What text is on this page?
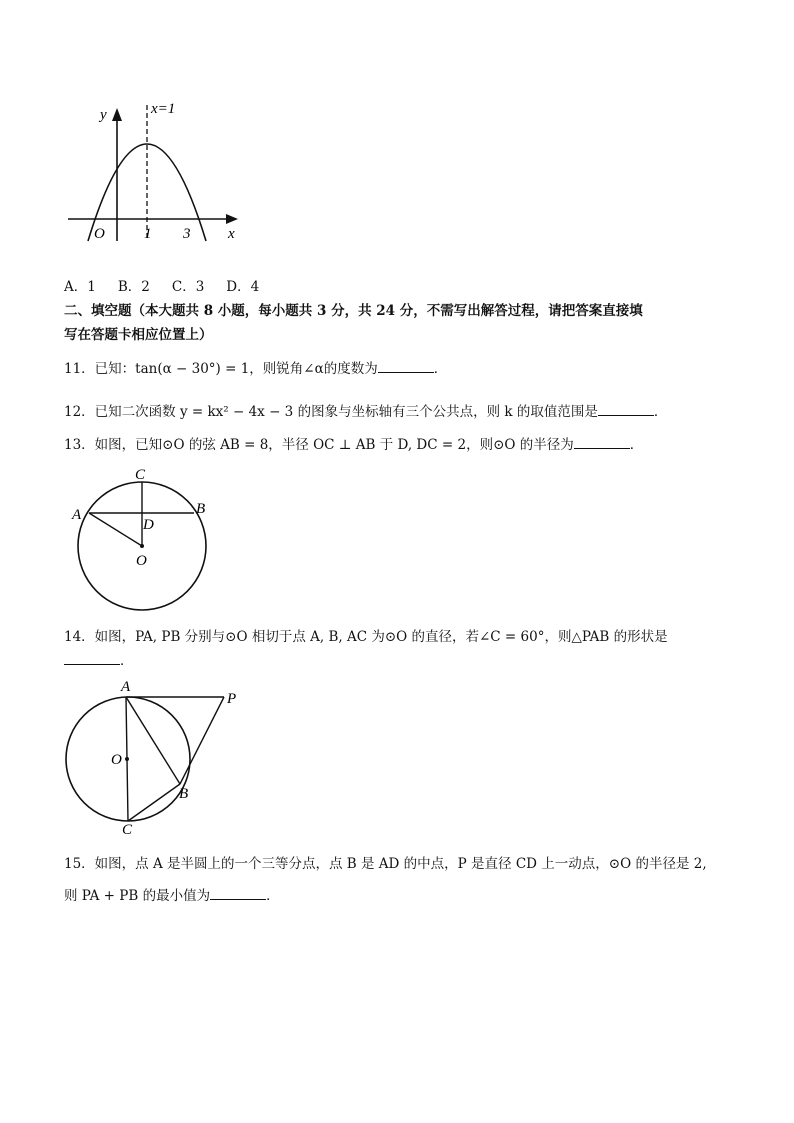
y	x=1
x
O	1 3
A．1 B．2 C．3 D．4
二、填空题（本大题共 8 小题，每小题共 3 分，共 24 分，不需写出解答过程，请把答案直接填
写在答题卡相应位置上）
11．已知：tan(α − 30°) = 1，则锐角∠α的度数为	．
12．已知二次函数 y = kx² − 4x − 3 的图象与坐标轴有三个公共点，则 k 的取值范围是	．
13．如图，已知⊙O 的弦 AB = 8，半径 OC ⊥ AB 于 D, DC = 2，则⊙O 的半径为	．
C
A	B
D
O
14．如图，PA, PB 分别与⊙O 相切于点 A, B, AC 为⊙O 的直径，若∠C = 60°，则△PAB 的形状是
．
A
P
O
B
C
15．如图，点 A 是半圆上的一个三等分点，点 B 是 AD 的中点，P 是直径 CD 上一动点，⊙O 的半径是 2,
则 PA + PB 的最小值为	．
